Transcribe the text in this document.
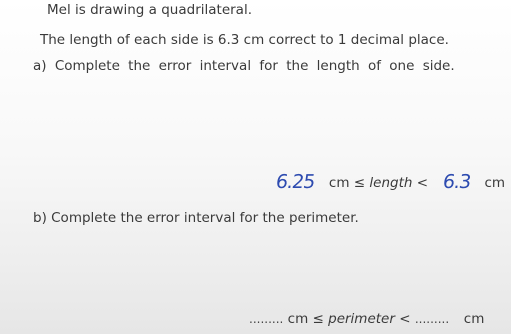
Mel is drawing a quadrilateral.
The length of each side is 6.3 cm correct to 1 decimal place.
a) Complete the error interval for the length of one side.
6.25 cm ≤ length < 6.3 cm
b) Complete the error interval for the perimeter.
......... cm ≤ perimeter < ......... cm
